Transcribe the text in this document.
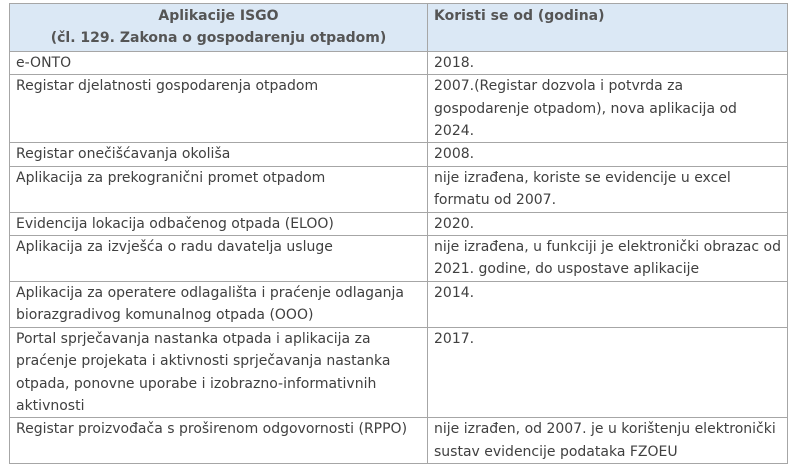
Aplikacije ISGO
(čl. 129. Zakona o gospodarenju otpadom)	Koristi se od (godina)
e-ONTO	2018.
Registar djelatnosti gospodarenja otpadom	2007.(Registar dozvola i potvrda za gospodarenje otpadom), nova aplikacija od 2024.
Registar onečišćavanja okoliša	2008.
Aplikacija za prekogranični promet otpadom	nije izrađena, koriste se evidencije u excel formatu od 2007.
Evidencija lokacija odbačenog otpada (ELOO)	2020.
Aplikacija za izvješća o radu davatelja usluge	nije izrađena, u funkciji je elektronički obrazac od 2021. godine, do uspostave aplikacije
Aplikacija za operatere odlagališta i praćenje odlaganja biorazgradivog komunalnog otpada (OOO)	2014.
Portal sprječavanja nastanka otpada i aplikacija za praćenje projekata i aktivnosti sprječavanja nastanka otpada, ponovne uporabe i izobrazno-informativnih aktivnosti	2017.
Registar proizvođača s proširenom odgovornosti (RPPO)	nije izrađen, od 2007. je u korištenju elektronički sustav evidencije podataka FZOEU
